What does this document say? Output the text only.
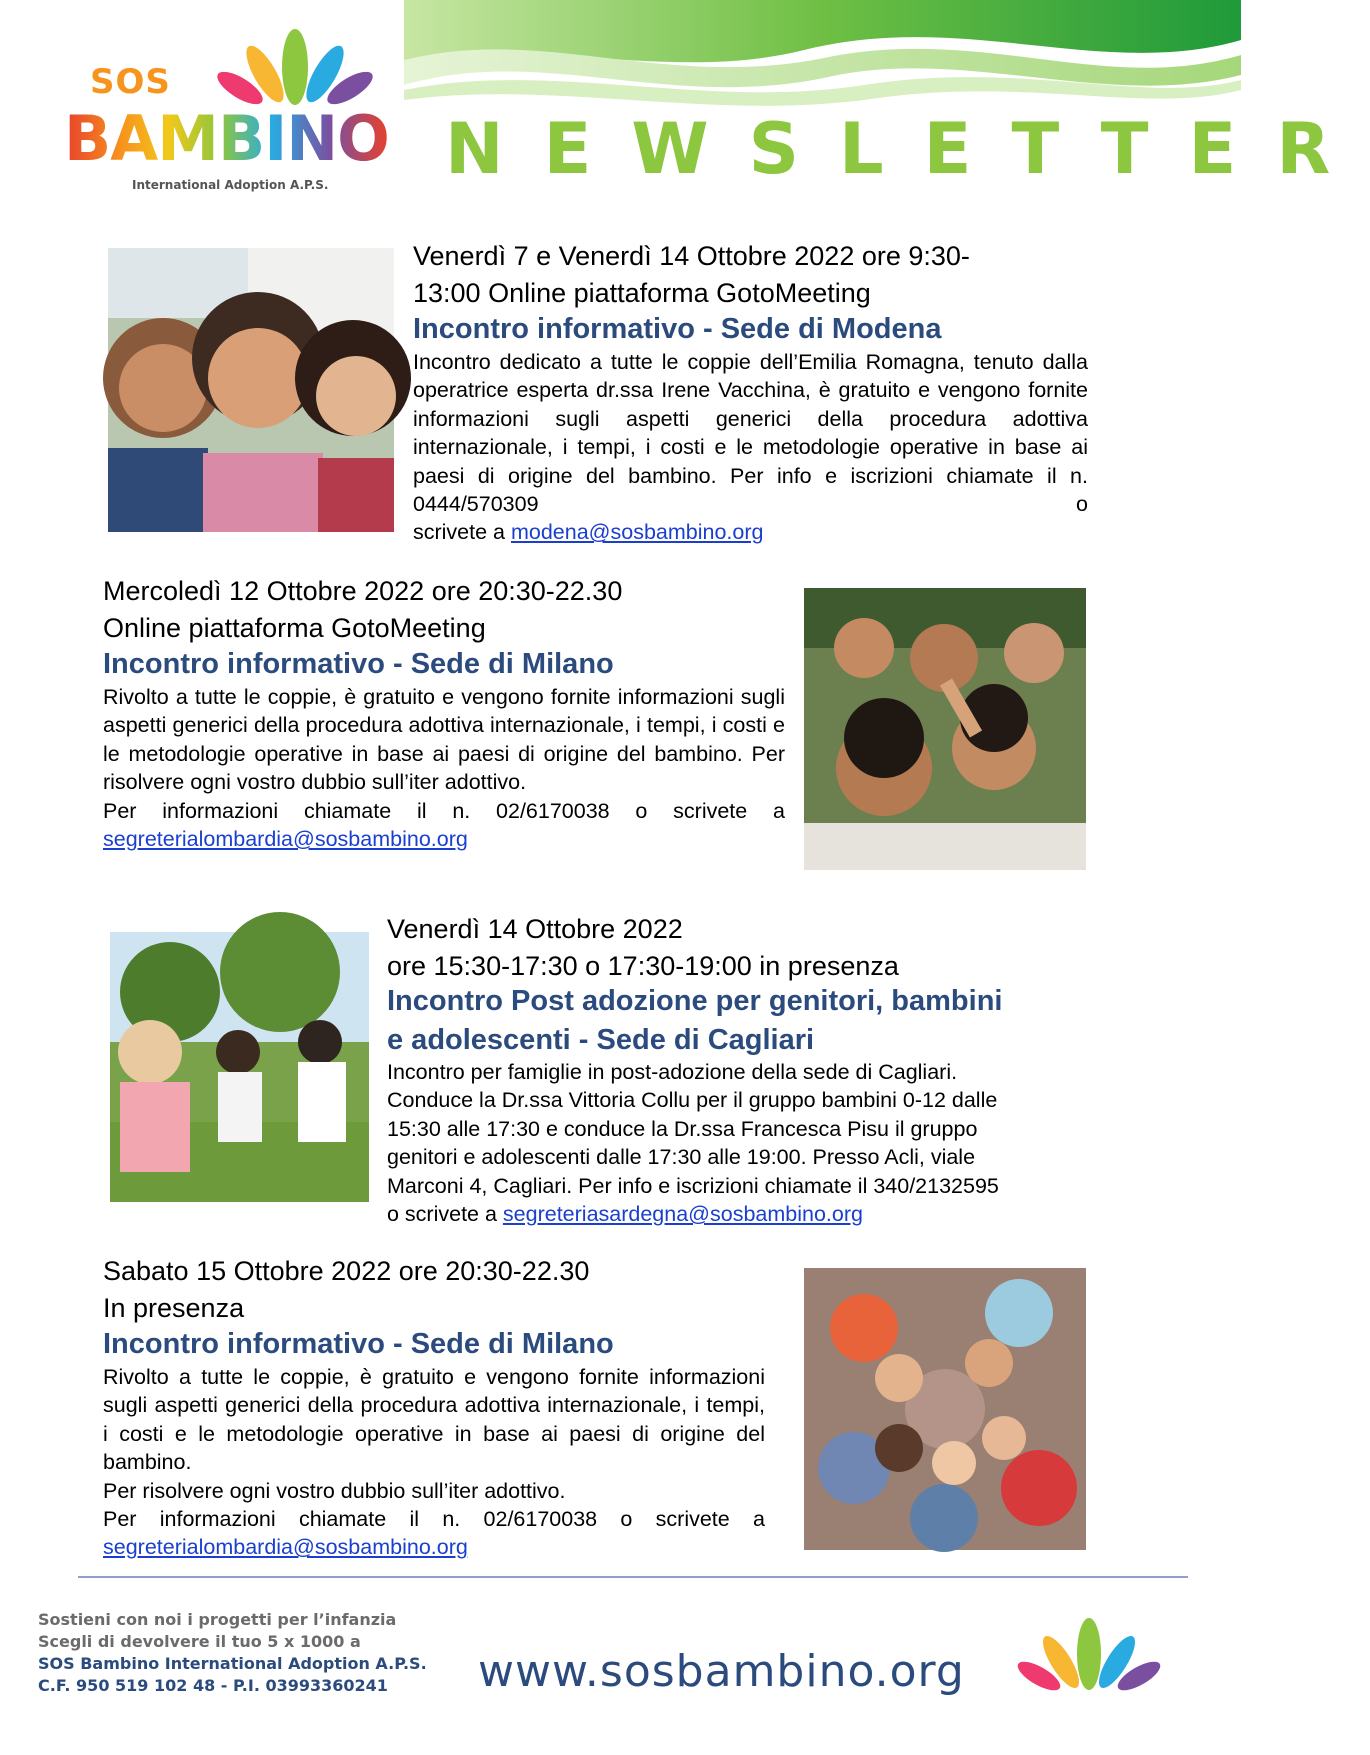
SOS
BAMBINO
International Adoption A.P.S. NEWSLETTER
Venerdì 7 e Venerdì 14 Ottobre 2022 ore 9:30-
13:00 Online piattaforma GotoMeeting
Incontro informativo - Sede di Modena
Incontro dedicato a tutte le coppie dell’Emilia Romagna, tenuto dalla operatrice esperta dr.ssa Irene Vacchina, è gratuito e vengono fornite informazioni sugli aspetti generici della procedura adottiva internazionale, i tempi, i costi e le metodologie operative in base ai paesi di origine del bambino. Per info e iscrizioni chiamate il n. 0444/570309 o
scrivete a modena@sosbambino.org
Mercoledì 12 Ottobre 2022 ore 20:30-22.30
Online piattaforma GotoMeeting
Incontro informativo - Sede di Milano
Rivolto a tutte le coppie, è gratuito e vengono fornite informazioni sugli aspetti generici della procedura adottiva internazionale, i tempi, i costi e le metodologie operative in base ai paesi di origine del bambino. Per risolvere ogni vostro dubbio sull’iter adottivo.
Per informazioni chiamate il n. 02/6170038 o scrivete a
segreterialombardia@sosbambino.org
Venerdì 14 Ottobre 2022
ore 15:30-17:30 o 17:30-19:00 in presenza
Incontro Post adozione per genitori, bambini
e adolescenti - Sede di Cagliari
Incontro per famiglie in post-adozione della sede di Cagliari.
Conduce la Dr.ssa Vittoria Collu per il gruppo bambini 0-12 dalle
15:30 alle 17:30 e conduce la Dr.ssa Francesca Pisu il gruppo
genitori e adolescenti dalle 17:30 alle 19:00. Presso Acli, viale
Marconi 4, Cagliari. Per info e iscrizioni chiamate il 340/2132595
o scrivete a segreteriasardegna@sosbambino.org
Sabato 15 Ottobre 2022 ore 20:30-22.30
In presenza
Incontro informativo - Sede di Milano
Rivolto a tutte le coppie, è gratuito e vengono fornite informazioni sugli aspetti generici della procedura adottiva internazionale, i tempi, i costi e le metodologie operative in base ai paesi di origine del bambino.
Per risolvere ogni vostro dubbio sull’iter adottivo.
Per informazioni chiamate il n. 02/6170038 o scrivete a
segreterialombardia@sosbambino.org
Sostieni con noi i progetti per l’infanzia
Scegli di devolvere il tuo 5 x 1000 a
SOS Bambino International Adoption A.P.S.
C.F. 950 519 102 48 - P.I. 03993360241	www.sosbambino.org
